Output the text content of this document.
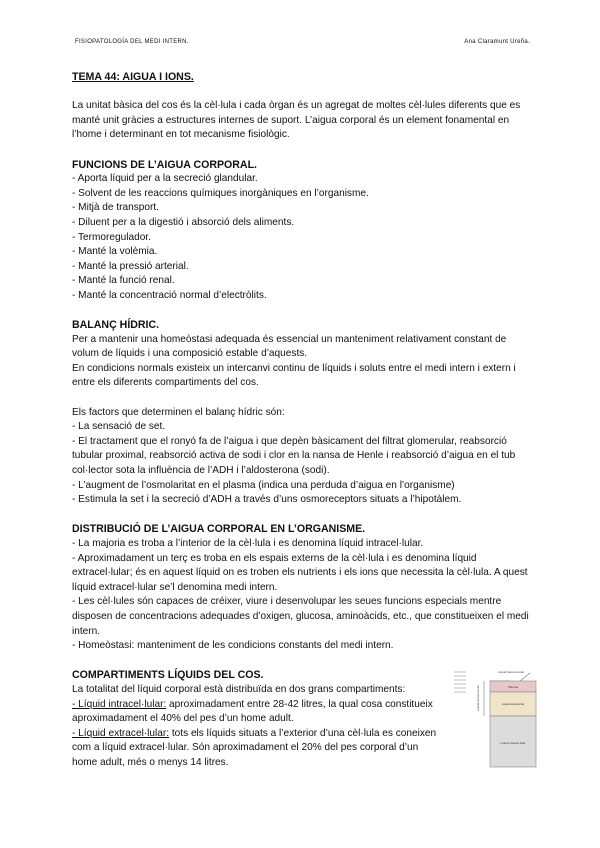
FISIOPATOLOGÍA DEL MEDI INTERN.	Ana Claramunt Ureña.
TEMA 44: AIGUA I IONS.

La unitat bàsica del cos és la cèl·lula i cada òrgan és un agregat de moltes cèl·lules diferents que es manté unit gràcies a estructures internes de suport. L’aigua corporal és un element fonamental en l’home i determinant en tot mecanisme fisiològic.

FUNCIONS DE L’AIGUA CORPORAL.

- Aporta líquid per a la secreció glandular.

- Solvent de les reaccions químiques inorgàniques en l’organisme.

- Mitjà de transport.

- Diluent per a la digestió i absorció dels aliments.

- Termoregulador.

- Manté la volèmia.

- Manté la pressió arterial.

- Manté la funció renal.

- Manté la concentració normal d’electròlits.

BALANÇ HÍDRIC.

Per a mantenir una homeòstasi adequada és essencial un manteniment relativament constant de volum de líquids i una composició estable d’aquests.

En condicions normals existeix un intercanvi continu de líquids i soluts entre el medi intern i extern i entre els diferents compartiments del cos.

Els factors que determinen el balanç hídric són:

- La sensació de set.

- El tractament que el ronyó fa de l’aigua i que depèn bàsicament del filtrat glomerular, reabsorció tubular proximal, reabsorció activa de sodi i clor en la nansa de Henle i reabsorció d’aigua en el tub col·lector sota la influència de l’ADH i l’aldosterona (sodi).

- L’augment de l’osmolaritat en el plasma (indica una perduda d’aigua en l’organisme)

- Estimula la set i la secreció d’ADH a través d’uns osmoreceptors situats a l’hipotàlem.

DISTRIBUCIÓ DE L’AIGUA CORPORAL EN L’ORGANISME.

- La majoria es troba a l’interior de la cèl·lula i es denomina líquid intracel·lular.

- Aproximadament un terç es troba en els espais externs de la cèl·lula i es denomina líquid extracel·lular; és en aquest líquid on es troben els nutrients i els ions que necessita la cèl·lula. A quest líquid extracel·lular se’l denomina medi intern.

- Les cèl·lules són capaces de créixer, viure i desenvolupar les seues funcions especials mentre disposen de concentracions adequades d’oxigen, glucosa, aminoàcids, etc., que constitueixen el medi intern.

- Homeòstasi: manteniment de les condicions constants del medi intern.

COMPARTIMENTS LÍQUIDS DEL COS.

La totalitat del líquid corporal està distribuïda en dos grans compartiments:

- Líquid intracel·lular: aproximadament entre 28-42 litres, la qual cosa constitueix aproximadament el 40% del pes d’un home adult.

- Líquid extracel·lular: tots els líquids situats a l’exterior d’una cèl·lula es coneixen com a líquid extracel·lular. Són aproximadament el 20% del pes corporal d’un home adult, més o menys 14 litres.

Líquid transcel·lular
Plasma
Líquid intersticial
Líquid intracel·lular
Líquid extracel·lular
